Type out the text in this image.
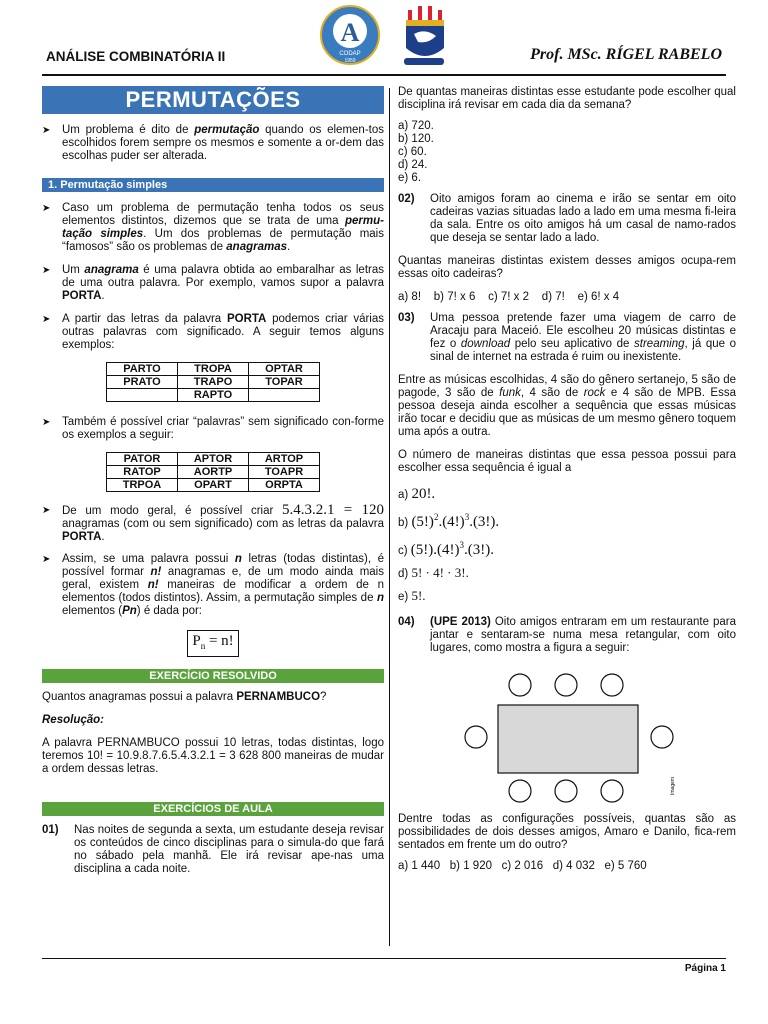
ANÁLISE COMBINATÓRIA II	Prof. MSc. RÍGEL RABELO
A
CODAP
1959
PERMUTAÇÕES
➤ Um problema é dito de permutação quando os elemen-tos escolhidos forem sempre os mesmos e somente a or-dem das escolhas puder ser alterada.
1. Permutação simples
➤ Caso um problema de permutação tenha todos os seus elementos distintos, dizemos que se trata de uma permu-tação simples. Um dos problemas de permutação mais “famosos” são os problemas de anagramas.
➤ Um anagrama é uma palavra obtida ao embaralhar as letras de uma outra palavra. Por exemplo, vamos supor a palavra PORTA.
➤ A partir das letras da palavra PORTA podemos criar várias outras palavras com significado. A seguir temos alguns exemplos:
PARTO	TROPA	OPTAR
PRATO	TRAPO	TOPAR
	RAPTO	
➤ Também é possível criar “palavras” sem significado con-forme os exemplos a seguir:
PATOR	APTOR	ARTOP
RATOP	AORTP	TOAPR
TRPOA	OPART	ORPTA
➤ De um modo geral, é possível criar 5.4.3.2.1 = 120 anagramas (com ou sem significado) com as letras da palavra PORTA.
➤ Assim, se uma palavra possui n letras (todas distintas), é possível formar n! anagramas e, de um modo ainda mais geral, existem n! maneiras de modificar a ordem de n elementos (todos distintos). Assim, a permutação simples de n elementos (Pn) é dada por:
$P_n = n$!
EXERCÍCIO RESOLVIDO

Quantos anagramas possui a palavra PERNAMBUCO?

Resolução:

A palavra PERNAMBUCO possui 10 letras, todas distintas, logo teremos 10! = 10.9.8.7.6.5.4.3.2.1 = 3 628 800 maneiras de mudar a ordem dessas letras.

EXERCÍCIOS DE AULA
01) Nas noites de segunda a sexta, um estudante deseja revisar os conteúdos de cinco disciplinas para o simula-do que fará no sábado pela manhã. Ele irá revisar ape-nas uma disciplina a cada noite.

De quantas maneiras distintas esse estudante pode escolher qual disciplina irá revisar em cada dia da semana?

a) 720.
b) 120.
c) 60.
d) 24.
e) 6.
02) Oito amigos foram ao cinema e irão se sentar em oito cadeiras vazias situadas lado a lado em uma mesma fi-leira da sala. Entre os oito amigos há um casal de namo-rados que deseja se sentar lado a lado.

Quantas maneiras distintas existem desses amigos ocupa-rem essas oito cadeiras?

a) 8!    b) 7! x 6    c) 7! x 2    d) 7!    e) 6! x 4
03) Uma pessoa pretende fazer uma viagem de carro de Aracaju para Maceió. Ele escolheu 20 músicas distintas e fez o download pelo seu aplicativo de streaming, já que o sinal de internet na estrada é ruim ou inexistente.

Entre as músicas escolhidas, 4 são do gênero sertanejo, 5 são de pagode, 3 são de funk, 4 são de rock e 4 são de MPB. Essa pessoa deseja ainda escolher a sequência que essas músicas irão tocar e decidiu que as músicas de um mesmo gênero toquem uma após a outra.

O número de maneiras distintas que essa pessoa possui para escolher essa sequência é igual a

a) 20!.
b) $(5!)^2.(4!)^3.(3!)$.
c) $(5!).(4!)^3.(3!)$.
d) 5! · 4! · 3!.
e) 5!.
04) (UPE 2013) Oito amigos entraram em um restaurante para jantar e sentaram-se numa mesa retangular, com oito lugares, como mostra a figura a seguir:
Imagem

Dentre todas as configurações possíveis, quantas são as possibilidades de dois desses amigos, Amaro e Danilo, fica-rem sentados em frente um do outro?

a) 1 440   b) 1 920   c) 2 016   d) 4 032   e) 5 760
Página 1
